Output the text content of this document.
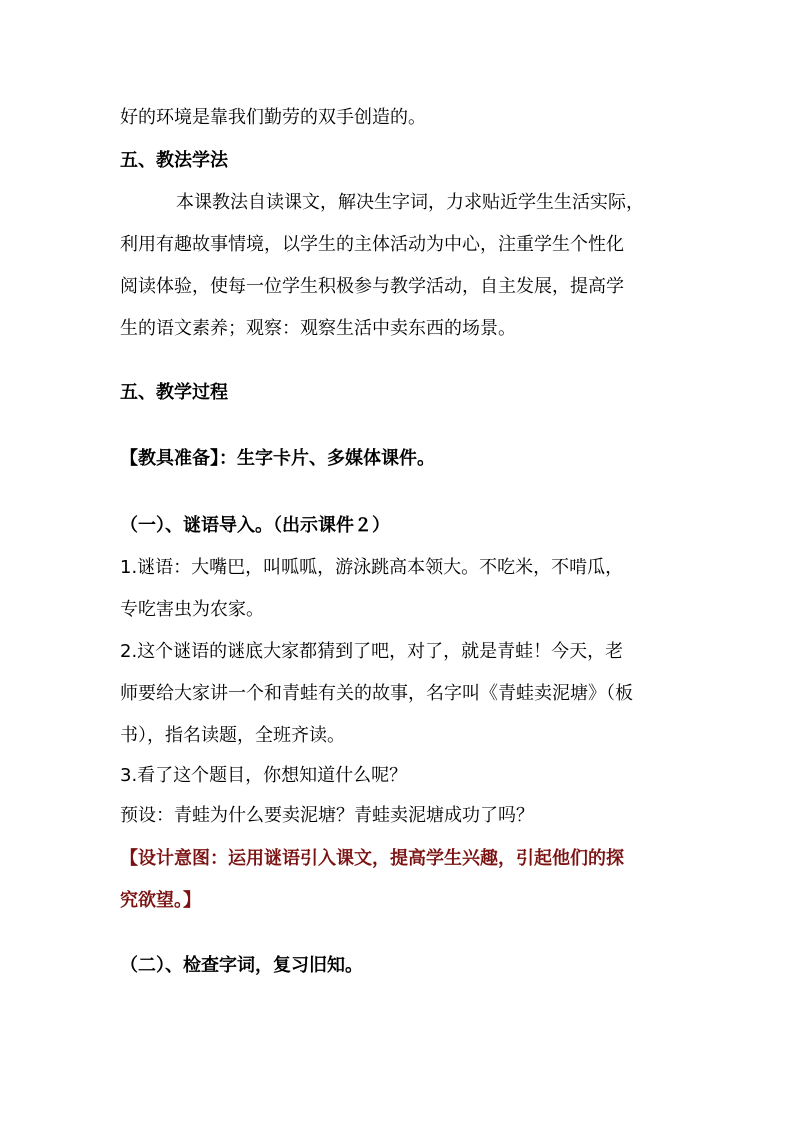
好的环境是靠我们勤劳的双手创造的。
五、教法学法
本课教法自读课文，解决生字词，力求贴近学生生活实际，
利用有趣故事情境，以学生的主体活动为中心，注重学生个性化
阅读体验，使每一位学生积极参与教学活动，自主发展，提高学
生的语文素养；观察：观察生活中卖东西的场景。
五、教学过程
【教具准备】：生字卡片、多媒体课件。
（一）、谜语导入。（出示课件２）
1.谜语：大嘴巴，叫呱呱，游泳跳高本领大。不吃米，不啃瓜，
专吃害虫为农家。
2.这个谜语的谜底大家都猜到了吧，对了，就是青蛙！今天，老
师要给大家讲一个和青蛙有关的故事，名字叫《青蛙卖泥塘》（板
书），指名读题，全班齐读。
3.看了这个题目，你想知道什么呢？
预设：青蛙为什么要卖泥塘？青蛙卖泥塘成功了吗？
【设计意图：运用谜语引入课文，提高学生兴趣，引起他们的探
究欲望。】
（二）、检查字词，复习旧知。
